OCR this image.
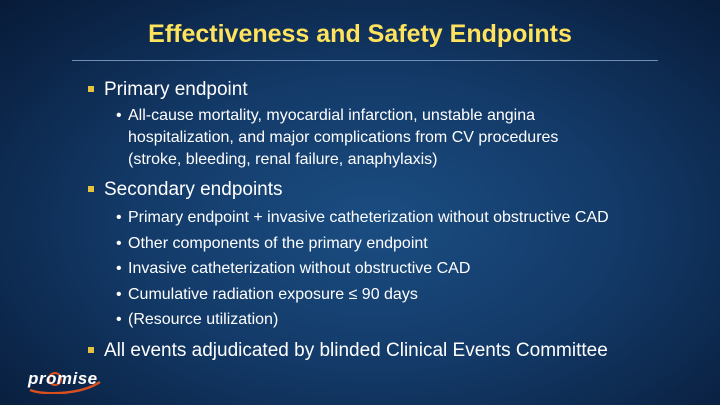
Effectiveness and Safety Endpoints
Primary endpoint
• All-cause mortality, myocardial infarction, unstable angina
hospitalization, and major complications from CV procedures
(stroke, bleeding, renal failure, anaphylaxis)
Secondary endpoints
• Primary endpoint + invasive catheterization without obstructive CAD
• Other components of the primary endpoint
• Invasive catheterization without obstructive CAD
• Cumulative radiation exposure ≤ 90 days
• (Resource utilization)
All events adjudicated by blinded Clinical Events Committee
promise
